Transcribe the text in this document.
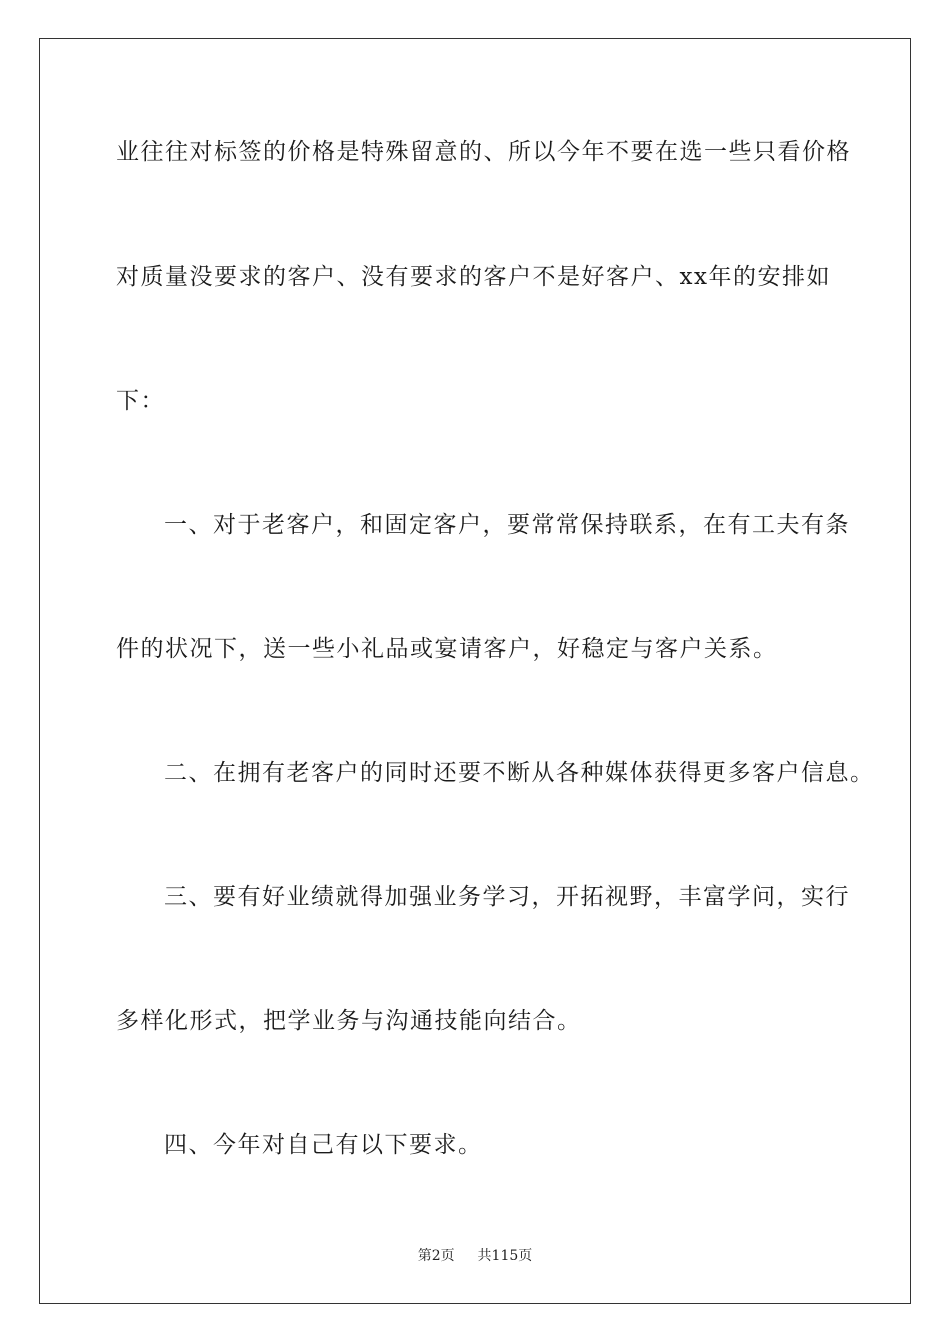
业往往对标签的价格是特殊留意的、所以今年不要在选一些只看价格
对质量没要求的客户、没有要求的客户不是好客户、xx年的安排如
下：
一、对于老客户，和固定客户，要常常保持联系，在有工夫有条
件的状况下，送一些小礼品或宴请客户，好稳定与客户关系。
二、在拥有老客户的同时还要不断从各种媒体获得更多客户信息。
三、要有好业绩就得加强业务学习，开拓视野，丰富学问，实行
多样化形式，把学业务与沟通技能向结合。
四、今年对自己有以下要求。
第2页 共115页
